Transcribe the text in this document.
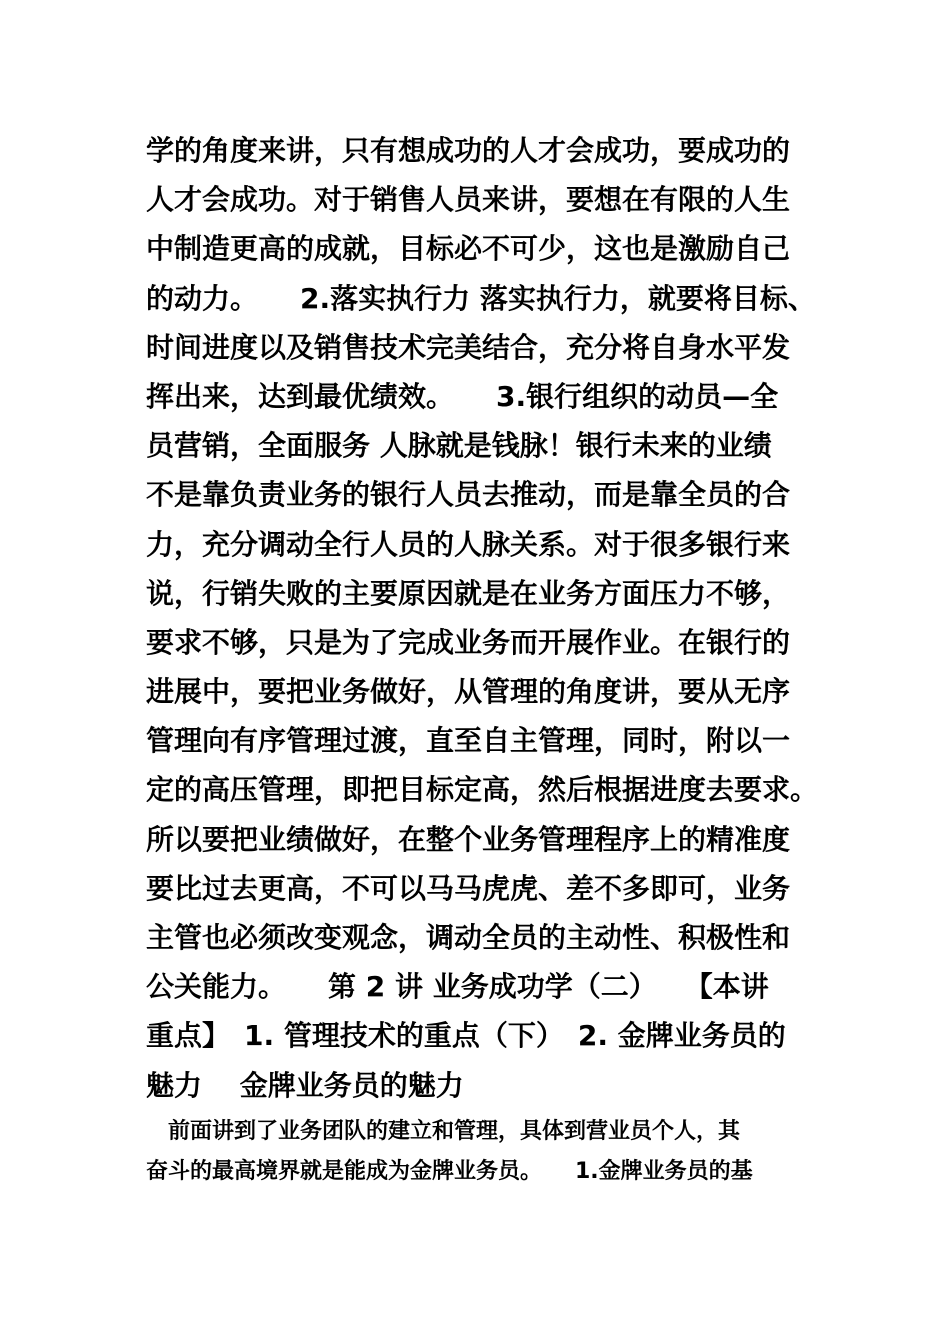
学的角度来讲，只有想成功的人才会成功，要成功的
人才会成功。对于销售人员来讲，要想在有限的人生
中制造更高的成就，目标必不可少，这也是激励自己
的动力。　　2.落实执行力 落实执行力，就要将目标、
时间进度以及销售技术完美结合，充分将自身水平发
挥出来，达到最优绩效。　　3.银行组织的动员—全
员营销，全面服务 人脉就是钱脉！银行未来的业绩
不是靠负责业务的银行人员去推动，而是靠全员的合
力，充分调动全行人员的人脉关系。对于很多银行来
说，行销失败的主要原因就是在业务方面压力不够，
要求不够，只是为了完成业务而开展作业。在银行的
进展中，要把业务做好，从管理的角度讲，要从无序
管理向有序管理过渡，直至自主管理，同时，附以一
定的高压管理，即把目标定高，然后根据进度去要求。
所以要把业绩做好，在整个业务管理程序上的精准度
要比过去更高，不可以马马虎虎、差不多即可，业务
主管也必须改变观念，调动全员的主动性、积极性和
公关能力。　　第 2 讲 业务成功学（二）　　【本讲
重点】　1. 管理技术的重点（下）　2. 金牌业务员的
魅力　 金牌业务员的魅力
　前面讲到了业务团队的建立和管理，具体到营业员个人，其
奋斗的最高境界就是能成为金牌业务员。　　1.金牌业务员的基
